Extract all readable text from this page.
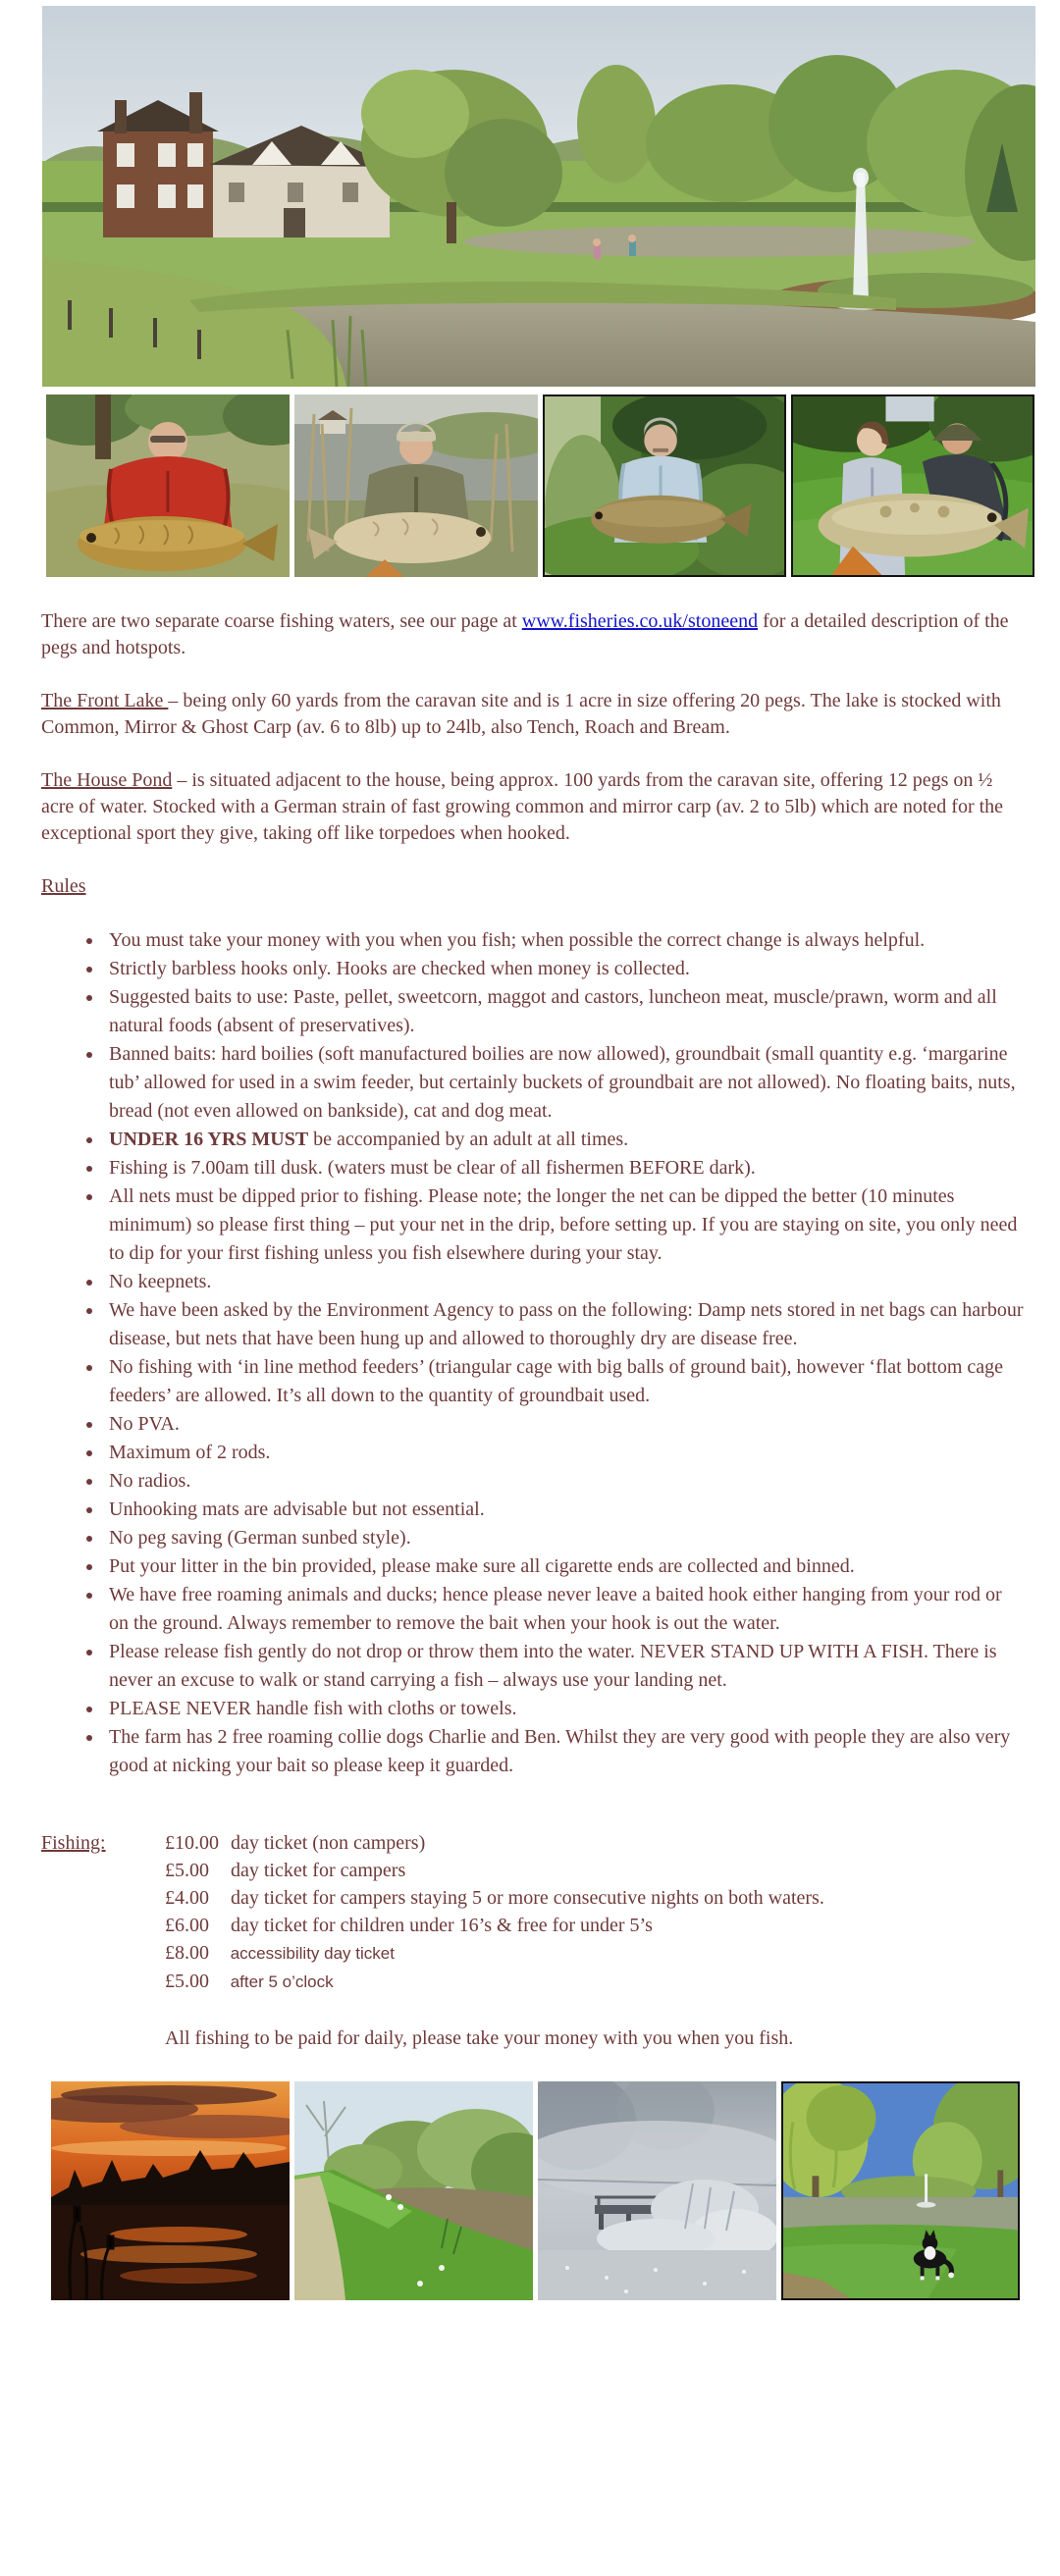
There are two separate coarse fishing waters, see our page at www.fisheries.co.uk/stoneend for a detailed description of the pegs and hotspots.

The Front Lake – being only 60 yards from the caravan site and is 1 acre in size offering 20 pegs. The lake is stocked with Common, Mirror & Ghost Carp (av. 6 to 8lb) up to 24lb, also Tench, Roach and Bream.

The House Pond – is situated adjacent to the house, being approx. 100 yards from the caravan site, offering 12 pegs on ½ acre of water. Stocked with a German strain of fast growing common and mirror carp (av. 2 to 5lb) which are noted for the exceptional sport they give, taking off like torpedoes when hooked.

Rules

• You must take your money with you when you fish; when possible the correct change is always helpful.
• Strictly barbless hooks only. Hooks are checked when money is collected.
• Suggested baits to use: Paste, pellet, sweetcorn, maggot and castors, luncheon meat, muscle/prawn, worm and all natural foods (absent of preservatives).
• Banned baits: hard boilies (soft manufactured boilies are now allowed), groundbait (small quantity e.g. ‘margarine tub’ allowed for used in a swim feeder, but certainly buckets of groundbait are not allowed). No floating baits, nuts, bread (not even allowed on bankside), cat and dog meat.
• UNDER 16 YRS MUST be accompanied by an adult at all times.
• Fishing is 7.00am till dusk. (waters must be clear of all fishermen BEFORE dark).
• All nets must be dipped prior to fishing. Please note; the longer the net can be dipped the better (10 minutes minimum) so please first thing – put your net in the drip, before setting up. If you are staying on site, you only need to dip for your first fishing unless you fish elsewhere during your stay.
• No keepnets.
• We have been asked by the Environment Agency to pass on the following: Damp nets stored in net bags can harbour disease, but nets that have been hung up and allowed to thoroughly dry are disease free.
• No fishing with ‘in line method feeders’ (triangular cage with big balls of ground bait), however ‘flat bottom cage feeders’ are allowed. It’s all down to the quantity of groundbait used.
• No PVA.
• Maximum of 2 rods.
• No radios.
• Unhooking mats are advisable but not essential.
• No peg saving (German sunbed style).
• Put your litter in the bin provided, please make sure all cigarette ends are collected and binned.
• We have free roaming animals and ducks; hence please never leave a baited hook either hanging from your rod or on the ground. Always remember to remove the bait when your hook is out the water.
• Please release fish gently do not drop or throw them into the water. NEVER STAND UP WITH A FISH. There is never an excuse to walk or stand carrying a fish – always use your landing net.
• PLEASE NEVER handle fish with cloths or towels.
• The farm has 2 free roaming collie dogs Charlie and Ben. Whilst they are very good with people they are also very good at nicking your bait so please keep it guarded.
Fishing:	£10.00 day ticket (non campers)
£5.00 day ticket for campers
£4.00 day ticket for campers staying 5 or more consecutive nights on both waters.
£6.00 day ticket for children under 16’s & free for under 5’s
£8.00 accessibility day ticket
£5.00 after 5 o’clock

All fishing to be paid for daily, please take your money with you when you fish.
